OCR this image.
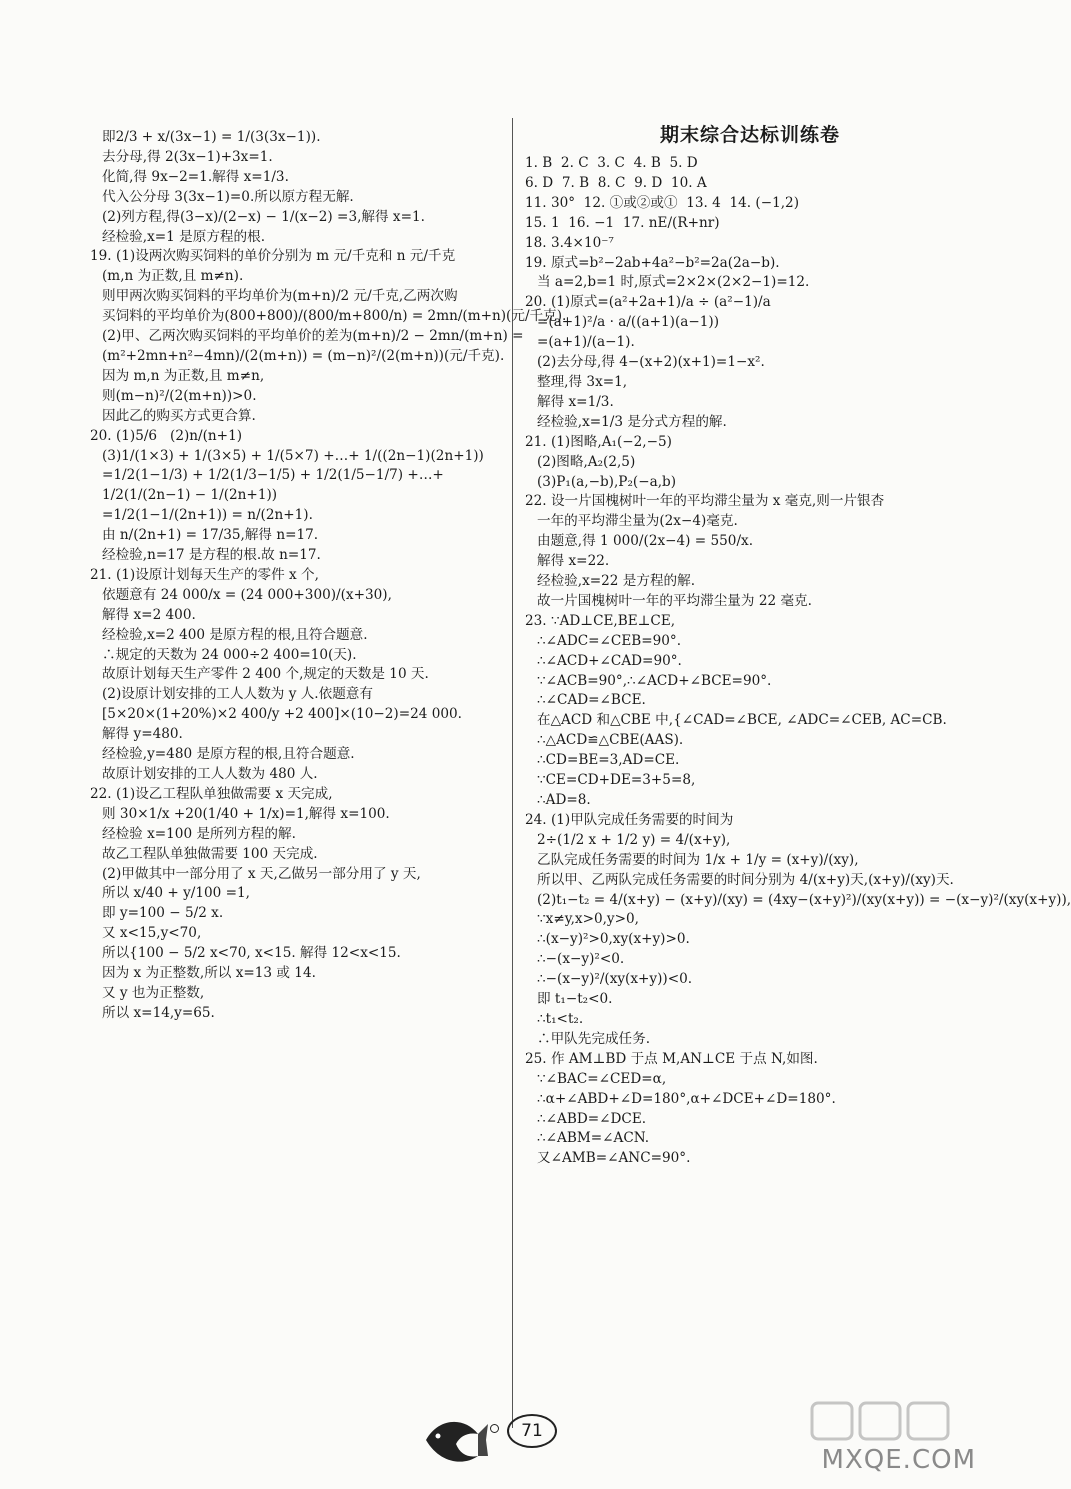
即2/3 + x/(3x−1) = 1/(3(3x−1)).
去分母,得 2(3x−1)+3x=1.
化简,得 9x−2=1.解得 x=1/3.
代入公分母 3(3x−1)=0.所以原方程无解.
(2)列方程,得(3−x)/(2−x) − 1/(x−2) =3,解得 x=1.
经检验,x=1 是原方程的根.
19. (1)设两次购买饲料的单价分别为 m 元/千克和 n 元/千克
(m,n 为正数,且 m≠n).
则甲两次购买饲料的平均单价为(m+n)/2 元/千克,乙两次购
买饲料的平均单价为(800+800)/(800/m+800/n) = 2mn/(m+n)(元/千克).
(2)甲、乙两次购买饲料的平均单价的差为(m+n)/2 − 2mn/(m+n) =
(m²+2mn+n²−4mn)/(2(m+n)) = (m−n)²/(2(m+n))(元/千克).
因为 m,n 为正数,且 m≠n,
则(m−n)²/(2(m+n))>0.
因此乙的购买方式更合算.
20. (1)5/6   (2)n/(n+1)
(3)1/(1×3) + 1/(3×5) + 1/(5×7) +…+ 1/((2n−1)(2n+1))
=1/2(1−1/3) + 1/2(1/3−1/5) + 1/2(1/5−1/7) +…+
1/2(1/(2n−1) − 1/(2n+1))
=1/2(1−1/(2n+1)) = n/(2n+1).
由 n/(2n+1) = 17/35,解得 n=17.
经检验,n=17 是方程的根.故 n=17.
21. (1)设原计划每天生产的零件 x 个,
依题意有 24 000/x = (24 000+300)/(x+30),
解得 x=2 400.
经检验,x=2 400 是原方程的根,且符合题意.
∴规定的天数为 24 000÷2 400=10(天).
故原计划每天生产零件 2 400 个,规定的天数是 10 天.
(2)设原计划安排的工人人数为 y 人.依题意有
[5×20×(1+20%)×2 400/y +2 400]×(10−2)=24 000.
解得 y=480.
经检验,y=480 是原方程的根,且符合题意.
故原计划安排的工人人数为 480 人.
22. (1)设乙工程队单独做需要 x 天完成,
则 30×1/x +20(1/40 + 1/x)=1,解得 x=100.
经检验 x=100 是所列方程的解.
故乙工程队单独做需要 100 天完成.
(2)甲做其中一部分用了 x 天,乙做另一部分用了 y 天,
所以 x/40 + y/100 =1,
即 y=100 − 5/2 x.
又 x<15,y<70,
所以{100 − 5/2 x<70, x<15. 解得 12<x<15.
因为 x 为正整数,所以 x=13 或 14.
又 y 也为正整数,
所以 x=14,y=65.
期末综合达标训练卷
1. B  2. C  3. C  4. B  5. D
6. D  7. B  8. C  9. D  10. A
11. 30°  12. ①或②或①  13. 4  14. (−1,2)
15. 1  16. −1  17. nE/(R+nr)
18. 3.4×10⁻⁷
19. 原式=b²−2ab+4a²−b²=2a(2a−b).
当 a=2,b=1 时,原式=2×2×(2×2−1)=12.
20. (1)原式=(a²+2a+1)/a ÷ (a²−1)/a
=(a+1)²/a · a/((a+1)(a−1))
=(a+1)/(a−1).
(2)去分母,得 4−(x+2)(x+1)=1−x².
整理,得 3x=1,
解得 x=1/3.
经检验,x=1/3 是分式方程的解.
21. (1)图略,A₁(−2,−5)
(2)图略,A₂(2,5)
(3)P₁(a,−b),P₂(−a,b)
22. 设一片国槐树叶一年的平均滞尘量为 x 毫克,则一片银杏
一年的平均滞尘量为(2x−4)毫克.
由题意,得 1 000/(2x−4) = 550/x.
解得 x=22.
经检验,x=22 是方程的解.
故一片国槐树叶一年的平均滞尘量为 22 毫克.
23. ∵AD⊥CE,BE⊥CE,
∴∠ADC=∠CEB=90°.
∴∠ACD+∠CAD=90°.
∵∠ACB=90°,∴∠ACD+∠BCE=90°.
∴∠CAD=∠BCE.
在△ACD 和△CBE 中,{∠CAD=∠BCE, ∠ADC=∠CEB, AC=CB.
∴△ACD≌△CBE(AAS).
∴CD=BE=3,AD=CE.
∵CE=CD+DE=3+5=8,
∴AD=8.
24. (1)甲队完成任务需要的时间为
2÷(1/2 x + 1/2 y) = 4/(x+y),
乙队完成任务需要的时间为 1/x + 1/y = (x+y)/(xy),
所以甲、乙两队完成任务需要的时间分别为 4/(x+y)天,(x+y)/(xy)天.
(2)t₁−t₂ = 4/(x+y) − (x+y)/(xy) = (4xy−(x+y)²)/(xy(x+y)) = −(x−y)²/(xy(x+y)),
∵x≠y,x>0,y>0,
∴(x−y)²>0,xy(x+y)>0.
∴−(x−y)²<0.
∴−(x−y)²/(xy(x+y))<0.
即 t₁−t₂<0.
∴t₁<t₂.
∴甲队先完成任务.
25. 作 AM⊥BD 于点 M,AN⊥CE 于点 N,如图.
∵∠BAC=∠CED=α,
∴α+∠ABD+∠D=180°,α+∠DCE+∠D=180°.
∴∠ABD=∠DCE.
∴∠ABM=∠ACN.
又∠AMB=∠ANC=90°.
71
MXQE.COM
